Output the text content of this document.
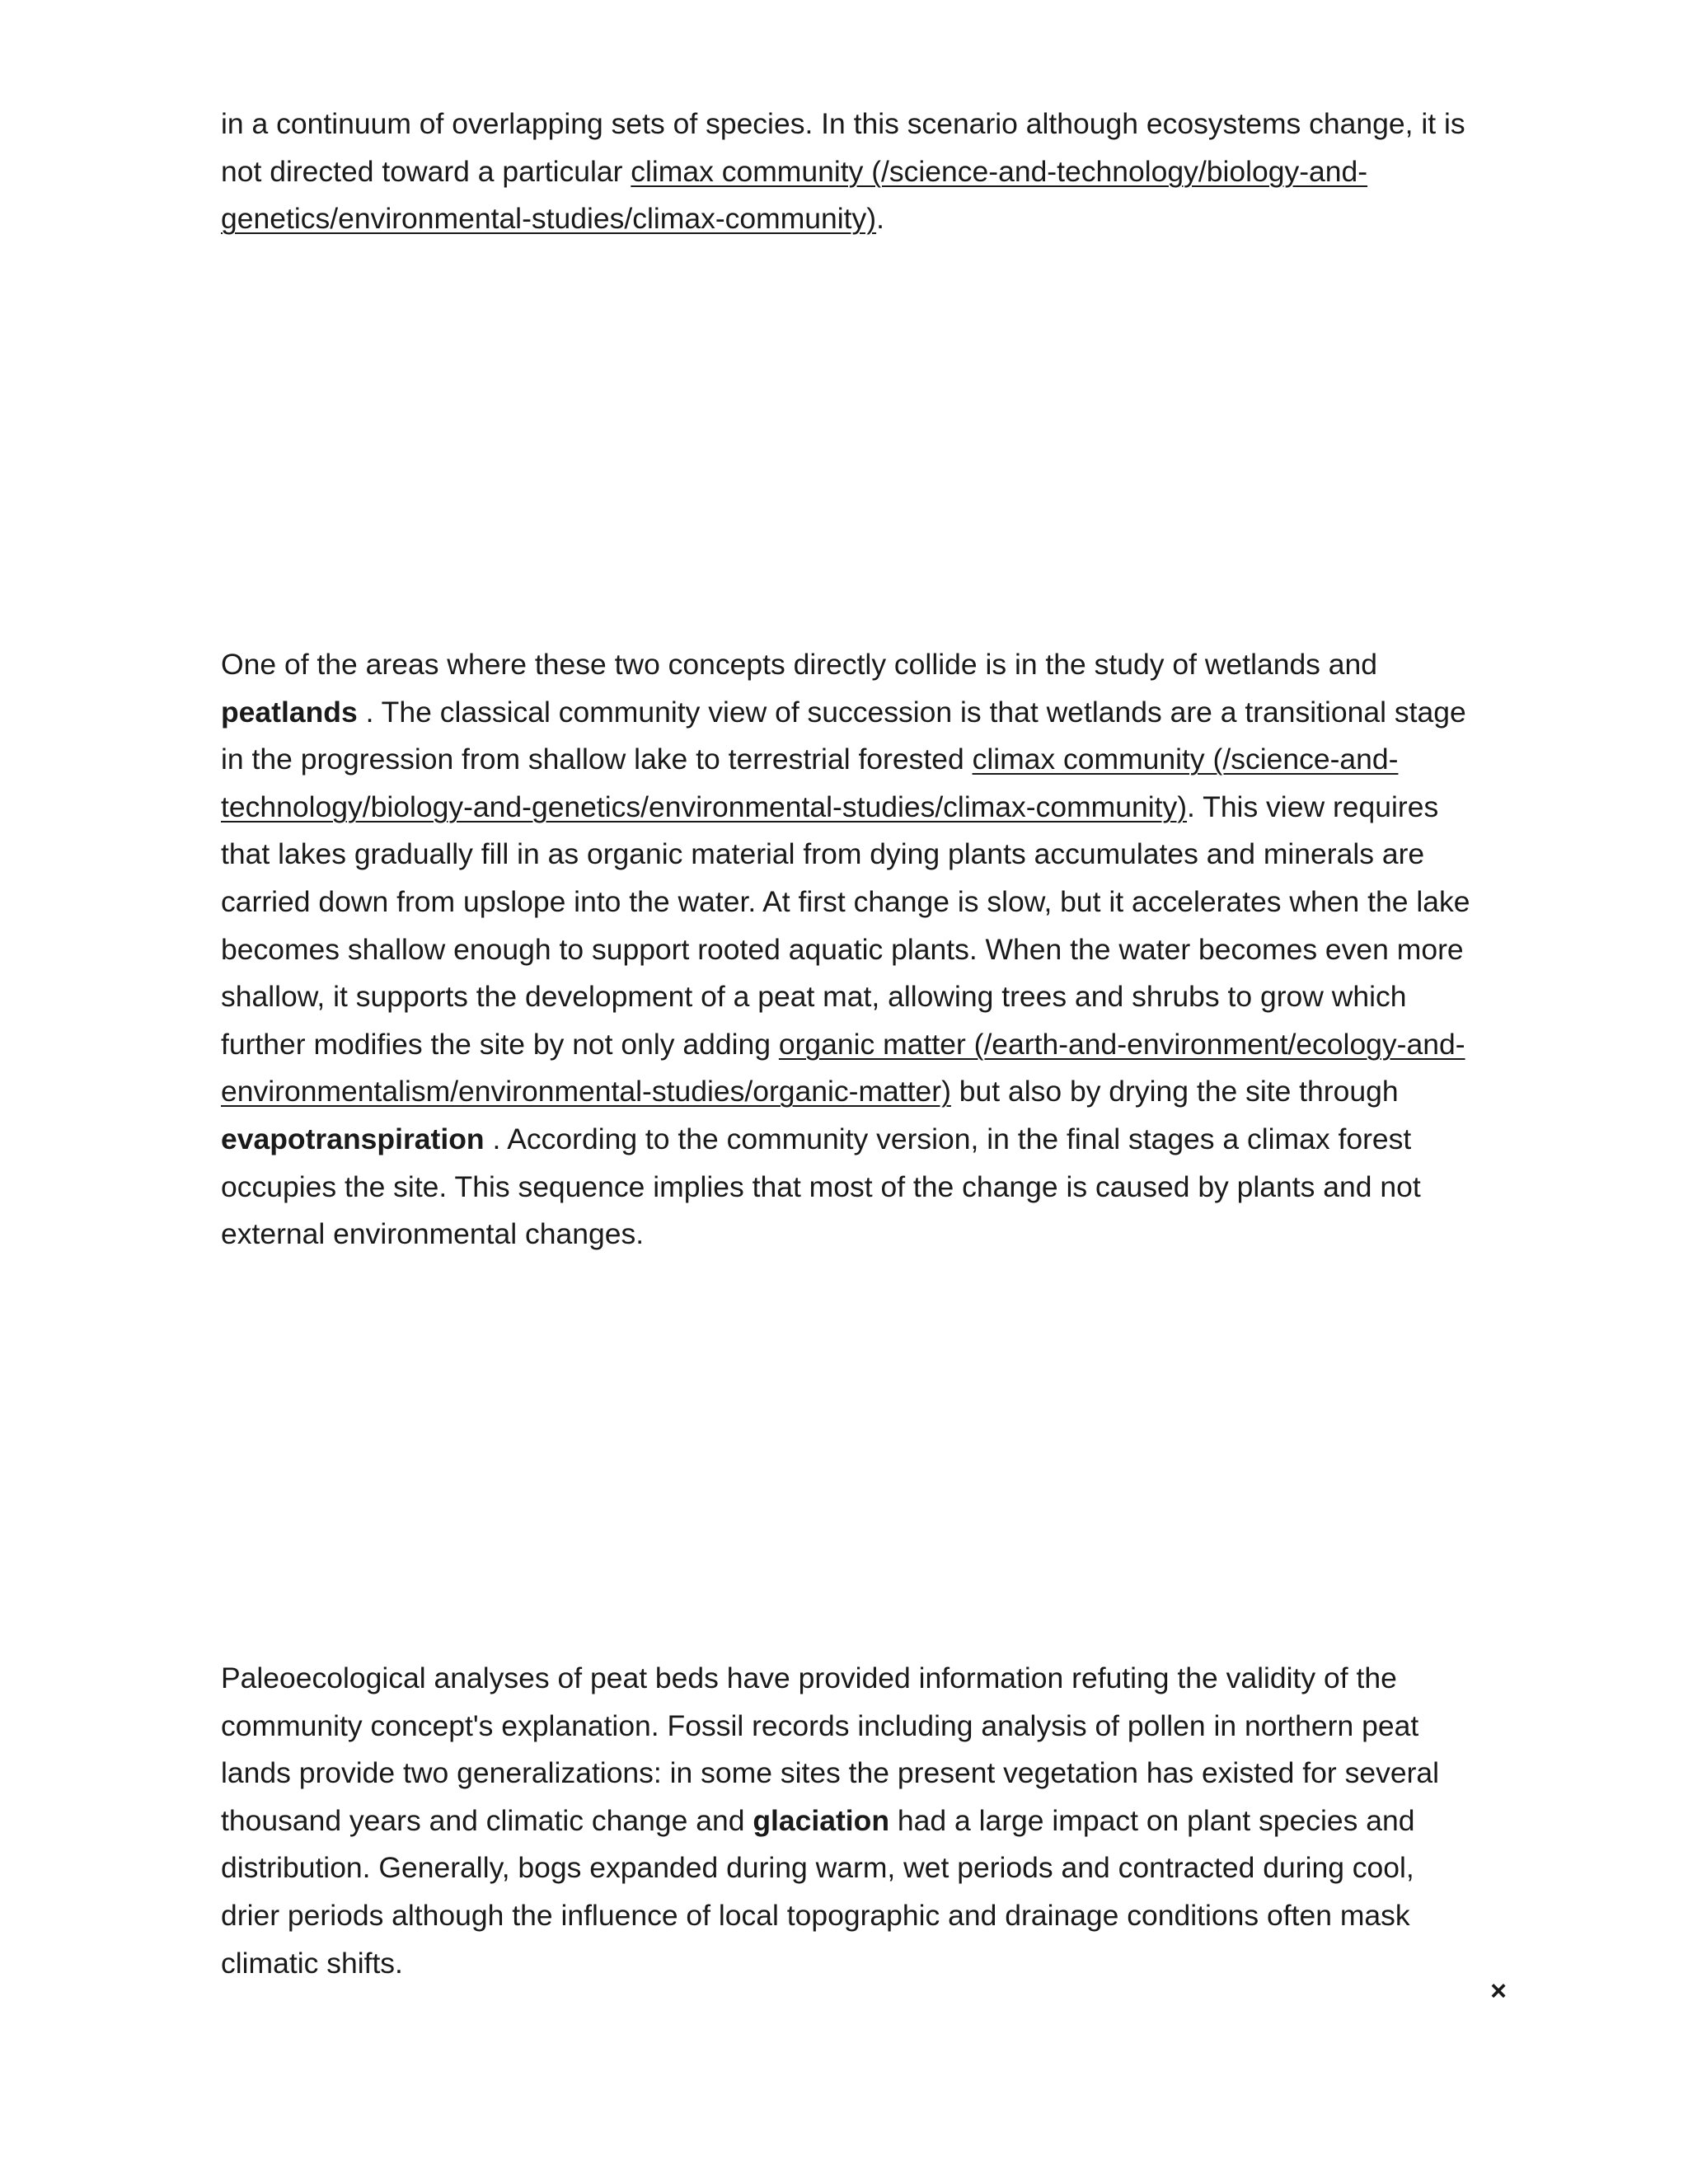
in a continuum of overlapping sets of species. In this scenario although ecosystems change, it is not directed toward a particular climax community (/science-and-technology/biology-and-genetics/environmental-studies/climax-community).

One of the areas where these two concepts directly collide is in the study of wetlands and peatlands . The classical community view of succession is that wetlands are a transitional stage in the progression from shallow lake to terrestrial forested climax community (/science-and-technology/biology-and-genetics/environmental-studies/climax-community). This view requires that lakes gradually fill in as organic material from dying plants accumulates and minerals are carried down from upslope into the water. At first change is slow, but it accelerates when the lake becomes shallow enough to support rooted aquatic plants. When the water becomes even more shallow, it supports the development of a peat mat, allowing trees and shrubs to grow which further modifies the site by not only adding organic matter (/earth-and-environment/ecology-and-environmentalism/environmental-studies/organic-matter) but also by drying the site through evapotranspiration . According to the community version, in the final stages a climax forest occupies the site. This sequence implies that most of the change is caused by plants and not external environmental changes.

Paleoecological analyses of peat beds have provided information refuting the validity of the community concept's explanation. Fossil records including analysis of pollen in northern peat lands provide two generalizations: in some sites the present vegetation has existed for several thousand years and climatic change and glaciation had a large impact on plant species and distribution. Generally, bogs expanded during warm, wet periods and contracted during cool, drier periods although the influence of local topographic and drainage conditions often mask climatic shifts.

×
